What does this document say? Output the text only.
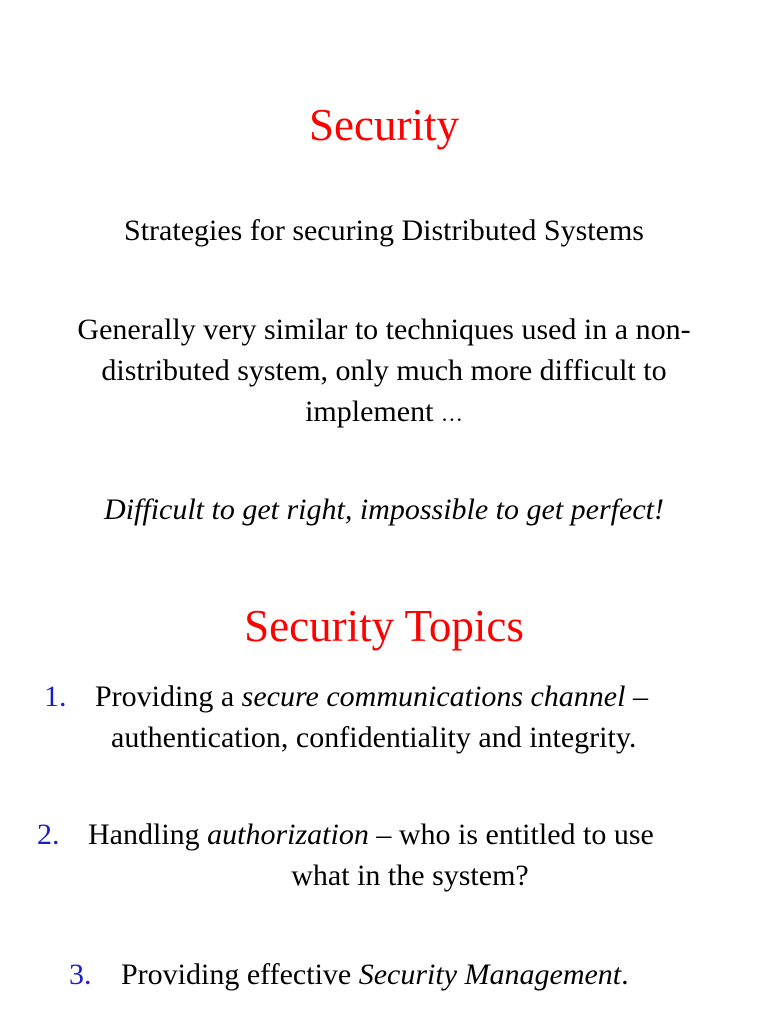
Security
Strategies for securing Distributed Systems
Generally very similar to techniques used in a non-
distributed system, only much more difficult to
implement …
Difficult to get right, impossible to get perfect!
Security Topics
1. Providing a secure communications channel –
authentication, confidentiality and integrity.
2. Handling authorization – who is entitled to use
what in the system?
3. Providing effective Security Management.
